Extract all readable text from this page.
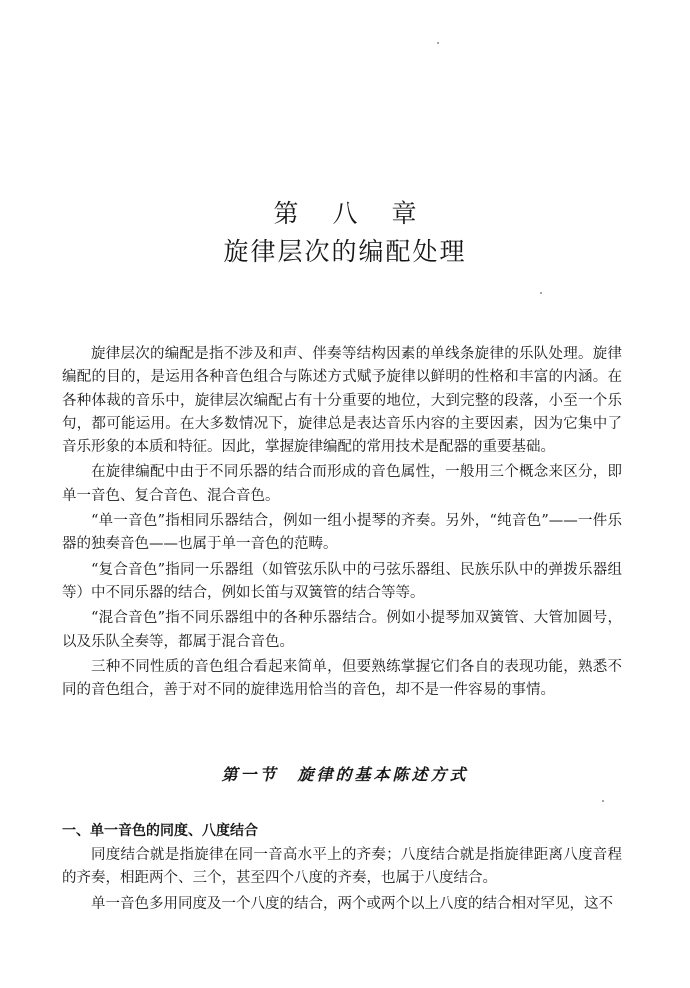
第八章
旋律层次的编配处理

旋律层次的编配是指不涉及和声、伴奏等结构因素的单线条旋律的乐队处理。旋律编配的目的，是运用各种音色组合与陈述方式赋予旋律以鲜明的性格和丰富的内涵。在各种体裁的音乐中，旋律层次编配占有十分重要的地位，大到完整的段落，小至一个乐句，都可能运用。在大多数情况下，旋律总是表达音乐内容的主要因素，因为它集中了音乐形象的本质和特征。因此，掌握旋律编配的常用技术是配器的重要基础。

在旋律编配中由于不同乐器的结合而形成的音色属性，一般用三个概念来区分，即单一音色、复合音色、混合音色。

“单一音色”指相同乐器结合，例如一组小提琴的齐奏。另外，“纯音色”——一件乐器的独奏音色——也属于单一音色的范畴。

“复合音色”指同一乐器组（如管弦乐队中的弓弦乐器组、民族乐队中的弹拨乐器组等）中不同乐器的结合，例如长笛与双簧管的结合等等。

“混合音色”指不同乐器组中的各种乐器结合。例如小提琴加双簧管、大管加圆号，以及乐队全奏等，都属于混合音色。

三种不同性质的音色组合看起来简单，但要熟练掌握它们各自的表现功能，熟悉不同的音色组合，善于对不同的旋律选用恰当的音色，却不是一件容易的事情。

第一节　旋律的基本陈述方式
一、单一音色的同度、八度结合

同度结合就是指旋律在同一音高水平上的齐奏；八度结合就是指旋律距离八度音程的齐奏，相距两个、三个，甚至四个八度的齐奏，也属于八度结合。

单一音色多用同度及一个八度的结合，两个或两个以上八度的结合相对罕见，这不
